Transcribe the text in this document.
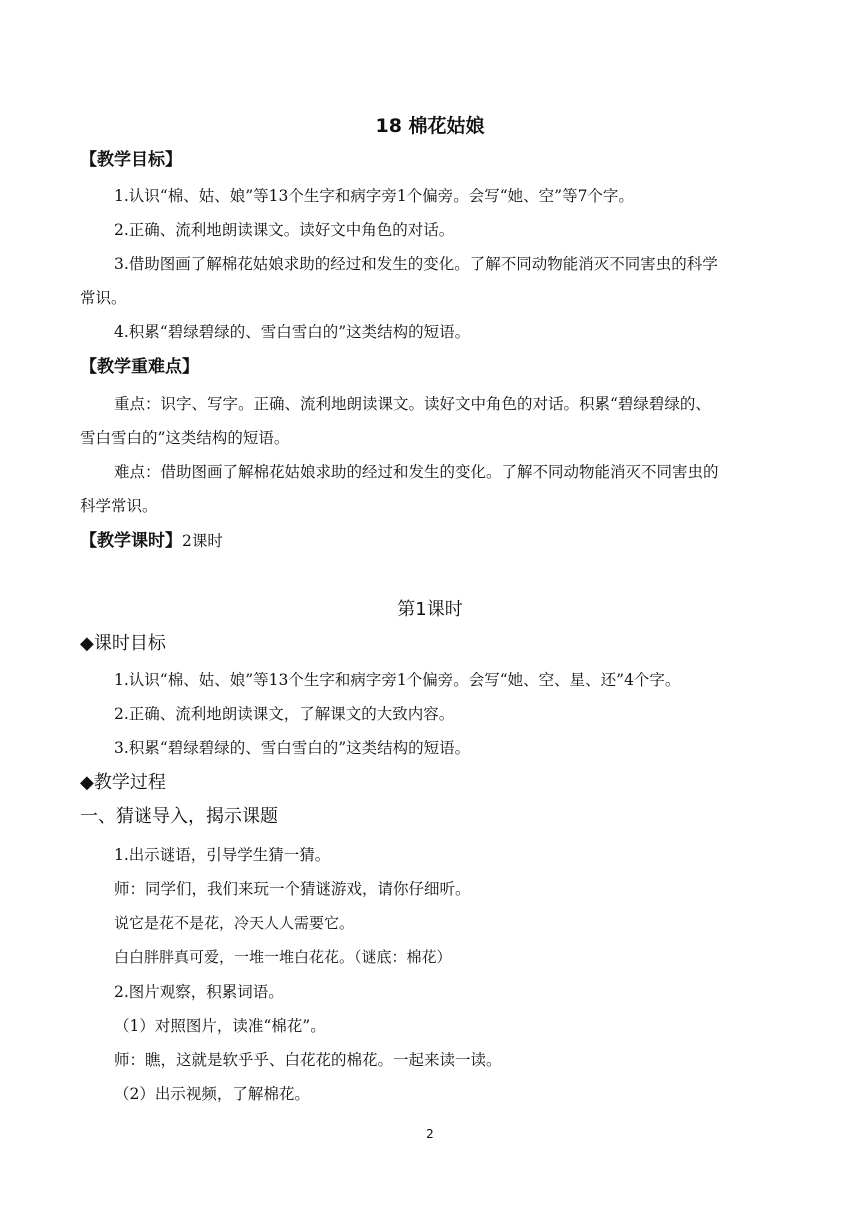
18 棉花姑娘
【教学目标】
1.认识“棉、姑、娘”等13个生字和病字旁1个偏旁。会写“她、空”等7个字。
2.正确、流利地朗读课文。读好文中角色的对话。
3.借助图画了解棉花姑娘求助的经过和发生的变化。了解不同动物能消灭不同害虫的科学
常识。
4.积累“碧绿碧绿的、雪白雪白的”这类结构的短语。
【教学重难点】
重点：识字、写字。正确、流利地朗读课文。读好文中角色的对话。积累“碧绿碧绿的、
雪白雪白的”这类结构的短语。
难点：借助图画了解棉花姑娘求助的经过和发生的变化。了解不同动物能消灭不同害虫的
科学常识。
【教学课时】2课时
第1课时
◆课时目标
1.认识“棉、姑、娘”等13个生字和病字旁1个偏旁。会写“她、空、星、还”4个字。
2.正确、流利地朗读课文，了解课文的大致内容。
3.积累“碧绿碧绿的、雪白雪白的”这类结构的短语。
◆教学过程
一、猜谜导入，揭示课题
1.出示谜语，引导学生猜一猜。
师：同学们，我们来玩一个猜谜游戏，请你仔细听。
说它是花不是花，冷天人人需要它。
白白胖胖真可爱，一堆一堆白花花。（谜底：棉花）
2.图片观察，积累词语。
（1）对照图片，读准“棉花”。
师：瞧，这就是软乎乎、白花花的棉花。一起来读一读。
（2）出示视频，了解棉花。
2
